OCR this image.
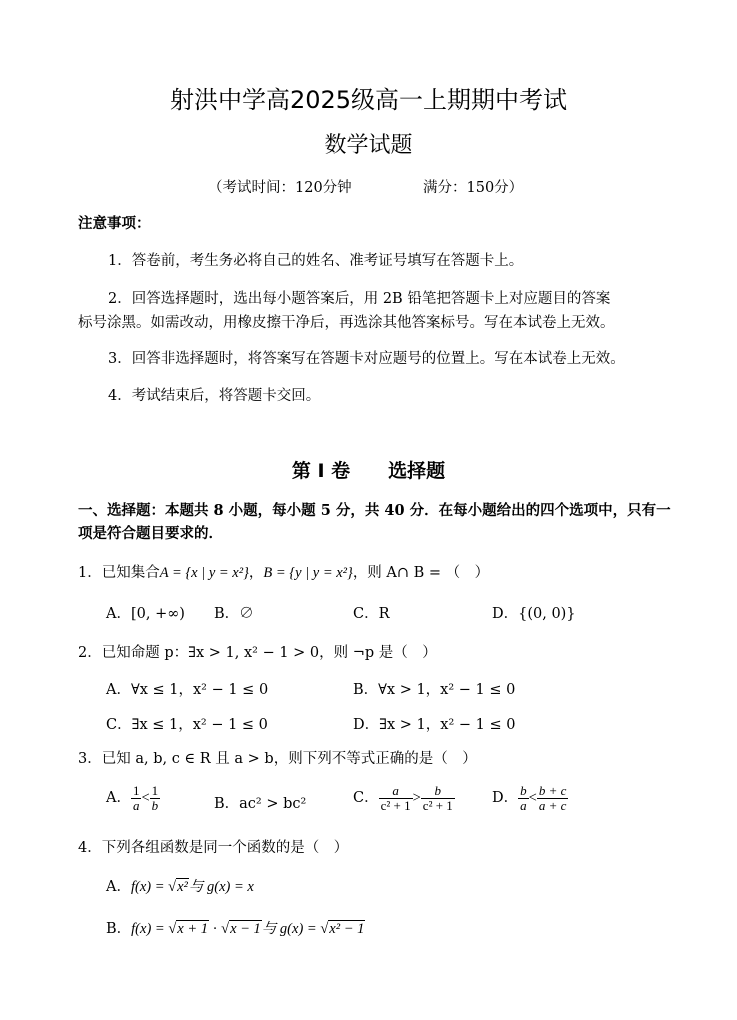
射洪中学高2025级高一上期期中考试
数学试题
（考试时间：120分钟	满分：150分）
注意事项：
1．答卷前，考生务必将自己的姓名、准考证号填写在答题卡上。
2．回答选择题时，选出每小题答案后，用 2B 铅笔把答题卡上对应题目的答案
标号涂黑。如需改动，用橡皮擦干净后，再选涂其他答案标号。写在本试卷上无效。
3．回答非选择题时，将答案写在答题卡对应题号的位置上。写在本试卷上无效。
4．考试结束后，将答题卡交回。
第 I 卷　　选择题
一、选择题：本题共 8 小题，每小题 5 分，共 40 分．在每小题给出的四个选项中，只有一
项是符合题目要求的．
1．已知集合A = {x | y = x²}，B = {y | y = x²}，则 A∩ B = （　）
A．[0, +∞) B．∅	C．R	D．{(0, 0)}
2．已知命题 p：∃x > 1, x² − 1 > 0，则 ¬p 是（　）
A．∀x ≤ 1，x² − 1 ≤ 0	B．∀x > 1，x² − 1 ≤ 0
C．∃x ≤ 1，x² − 1 ≤ 0	D．∃x > 1，x² − 1 ≤ 0
3．已知 a, b, c ∈ R 且 a > b，则下列不等式正确的是（　）
A． $\frac{1}{a} < \frac{1}{b}$	B．ac² > bc²	C． $\frac{a}{\text{c² + 1}} > \frac{b}{\text{c² + 1}}$	D． $\frac{b}{a} < \frac{b + c}{a + c}$
4．下列各组函数是同一个函数的是（　）
A．f(x) = √x²与 g(x) = x
B．f(x) = √x + 1 · √x − 1与 g(x) = √x² − 1
